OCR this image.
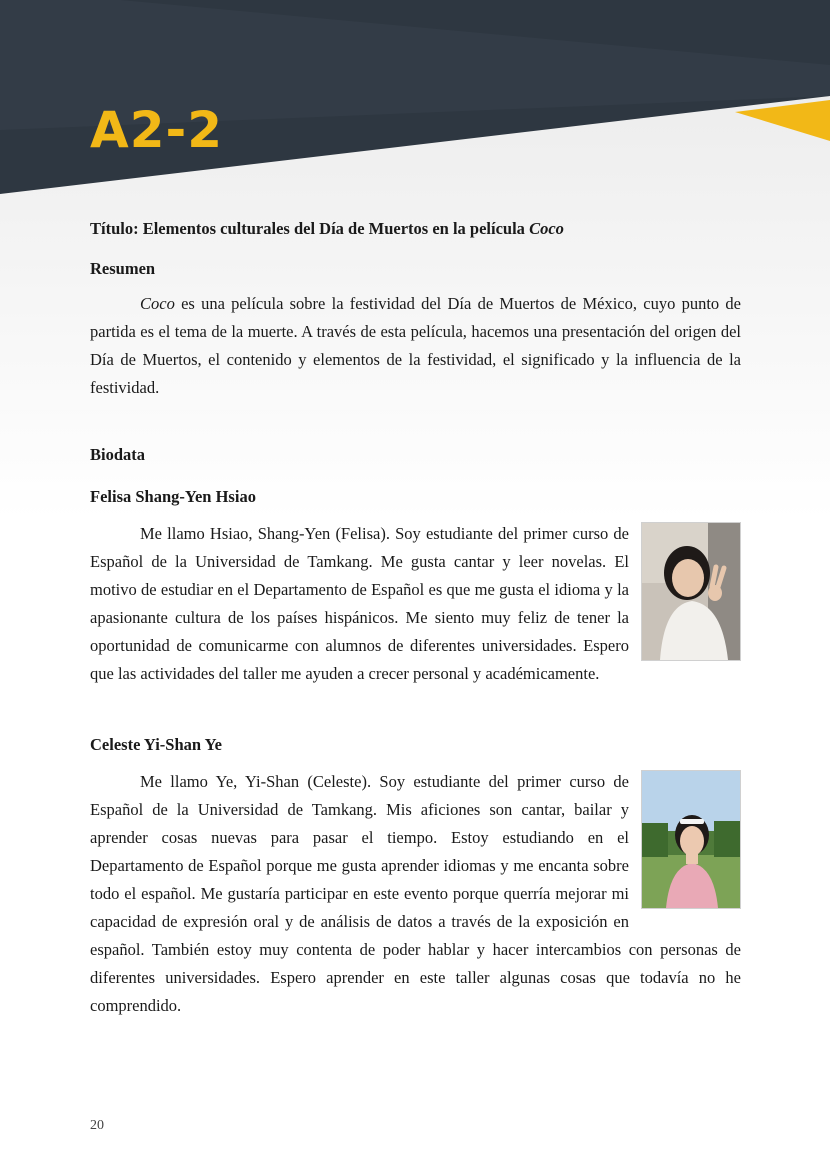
A2-2
Título: Elementos culturales del Día de Muertos en la película Coco
Resumen

Coco es una película sobre la festividad del Día de Muertos de México, cuyo punto de partida es el tema de la muerte. A través de esta película, hacemos una presentación del origen del Día de Muertos, el contenido y elementos de la festividad, el significado y la influencia de la festividad.

Biodata
Felisa Shang-Yen Hsiao

Me llamo Hsiao, Shang-Yen (Felisa). Soy estudiante del primer curso de Español de la Universidad de Tamkang. Me gusta cantar y leer novelas. El motivo de estudiar en el Departamento de Español es que me gusta el idioma y la apasionante cultura de los países hispánicos. Me siento muy feliz de tener la oportunidad de comunicarme con alumnos de diferentes universidades. Espero que las actividades del taller me ayuden a crecer personal y académicamente.

Celeste Yi-Shan Ye

Me llamo Ye, Yi-Shan (Celeste). Soy estudiante del primer curso de Español de la Universidad de Tamkang. Mis aficiones son cantar, bailar y aprender cosas nuevas para pasar el tiempo. Estoy estudiando en el Departamento de Español porque me gusta aprender idiomas y me encanta sobre todo el español. Me gustaría participar en este evento porque querría mejorar mi capacidad de expresión oral y de análisis de datos a través de la exposición en español. También estoy muy contenta de poder hablar y hacer intercambios con personas de diferentes universidades. Espero aprender en este taller algunas cosas que todavía no he comprendido.

20
